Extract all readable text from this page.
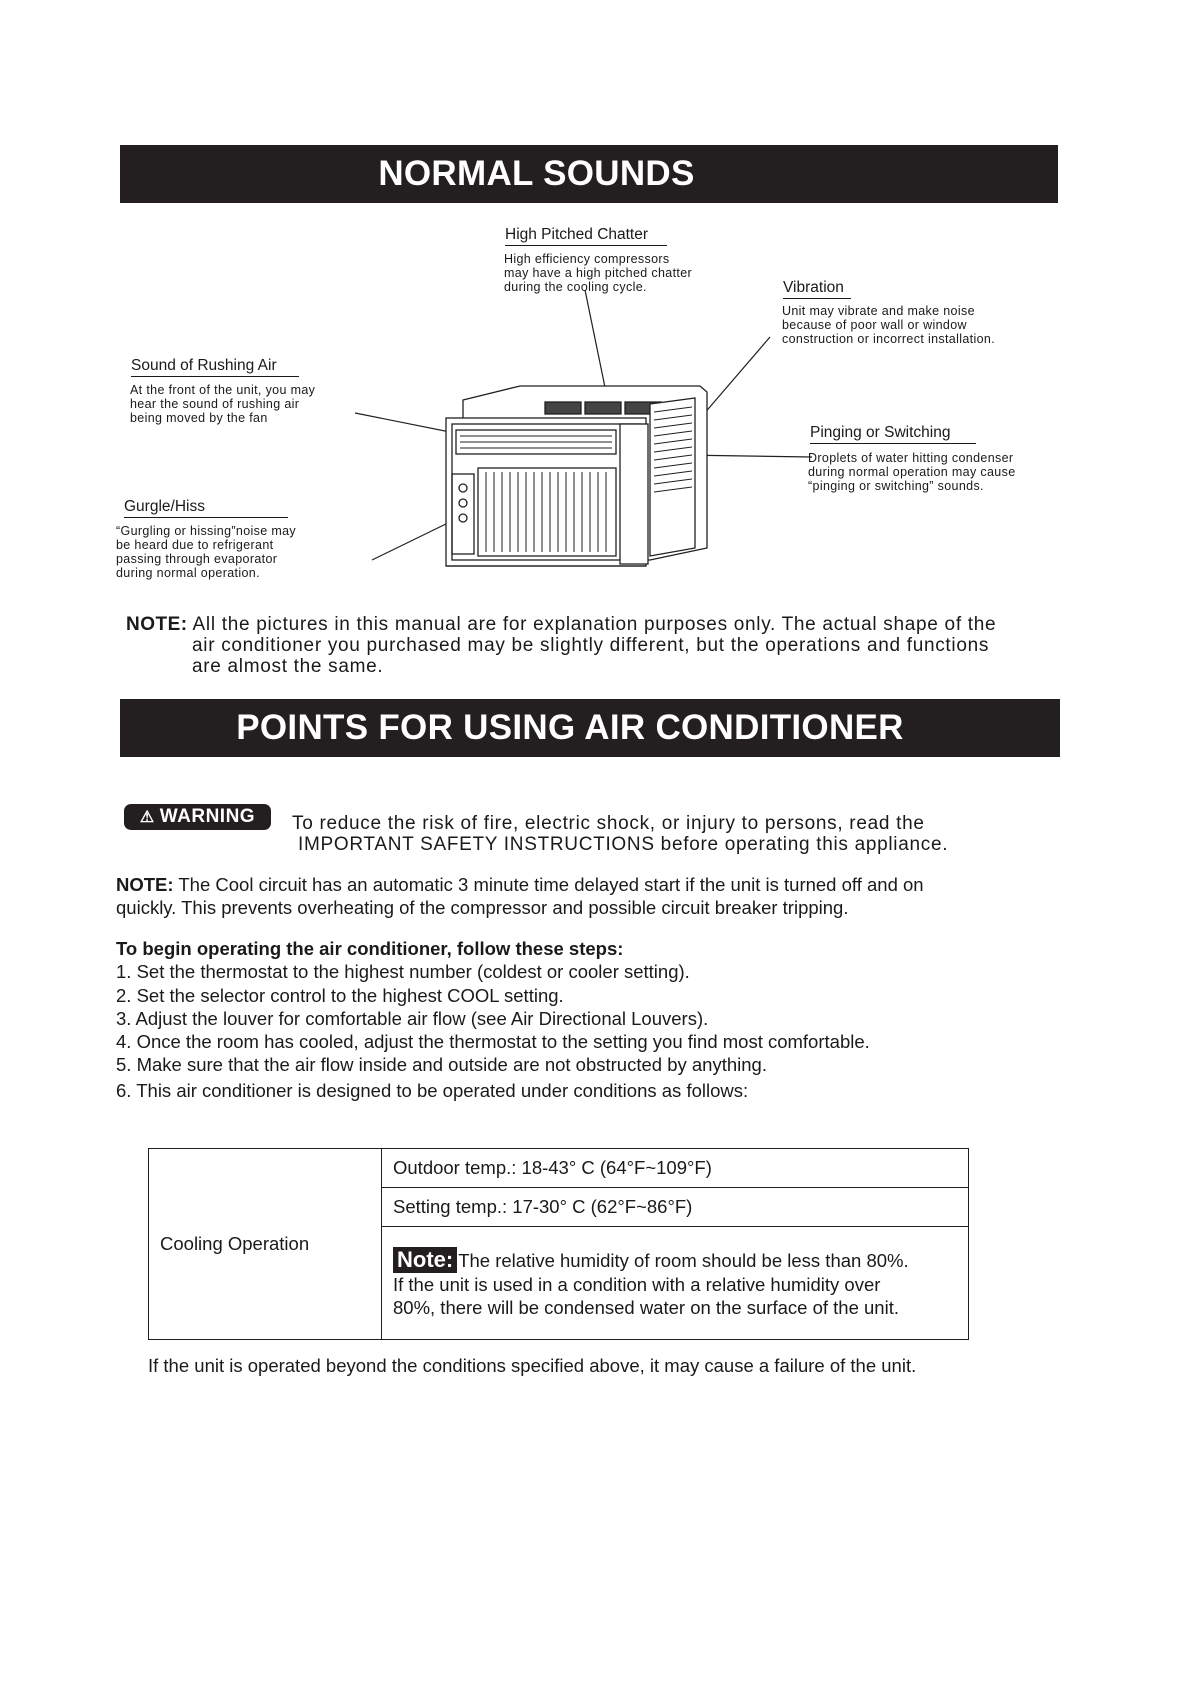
NORMAL SOUNDS
High Pitched Chatter
High efficiency compressors
may have a high pitched chatter
during the cooling cycle.	Vibration
Unit may vibrate and make noise
because of poor wall or window
construction or incorrect installation.
Sound of Rushing Air
At the front of the unit, you may
hear the sound of rushing air
being moved by the fan
Pinging or Switching
Droplets of water hitting condenser
during normal operation may cause
“pinging or switching” sounds.
Gurgle/Hiss
“Gurgling or hissing”noise may
be heard due to refrigerant
passing through evaporator
during normal operation.
NOTE: All the pictures in this manual are for explanation purposes only. The actual shape of the
air conditioner you purchased may be slightly different, but the operations and functions
are almost the same.
POINTS FOR USING AIR CONDITIONER
⚠ WARNING To reduce the risk of fire, electric shock, or injury to persons, read the
IMPORTANT SAFETY INSTRUCTIONS before operating this appliance.
NOTE: The Cool circuit has an automatic 3 minute time delayed start if the unit is turned off and on
quickly. This prevents overheating of the compressor and possible circuit breaker tripping.
To begin operating the air conditioner, follow these steps:
1. Set the thermostat to the highest number (coldest or cooler setting).
2. Set the selector control to the highest COOL setting.
3. Adjust the louver for comfortable air flow (see Air Directional Louvers).
4. Once the room has cooled, adjust the thermostat to the setting you find most comfortable.
5. Make sure that the air flow inside and outside are not obstructed by anything.
6. This air conditioner is designed to be operated under conditions as follows:
Cooling Operation	Outdoor temp.: 18-43° C (64°F~109°F)
Setting temp.: 17-30° C (62°F~86°F)
Note: The relative humidity of room should be less than 80%.
If the unit is used in a condition with a relative humidity over
80%, there will be condensed water on the surface of the unit.
If the unit is operated beyond the conditions specified above, it may cause a failure of the unit.
